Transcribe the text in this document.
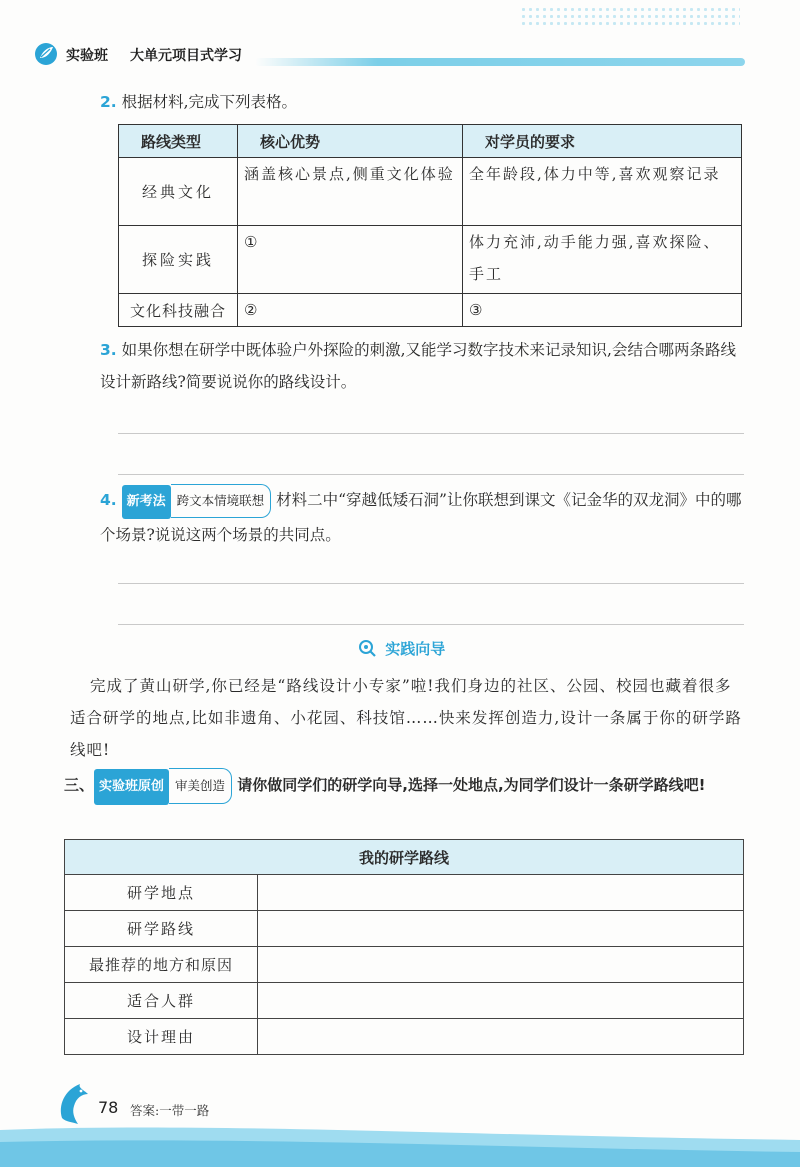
实验班 大单元项目式学习
2. 根据材料,完成下列表格。
路线类型	核心优势	对学员的要求
经典文化	涵盖核心景点,侧重文化体验	全年龄段,体力中等,喜欢观察记录
探险实践	①	体力充沛,动手能力强,喜欢探险、手工
文化科技融合	②	③
3. 如果你想在研学中既体验户外探险的刺激,又能学习数字技术来记录知识,会结合哪两条路线设计新路线?简要说说你的路线设计。
4. 新考法 跨文本情境联想 材料二中“穿越低矮石洞”让你联想到课文《记金华的双龙洞》中的哪个场景?说说这两个场景的共同点。
实践向导
完成了黄山研学,你已经是“路线设计小专家”啦!我们身边的社区、公园、校园也藏着很多适合研学的地点,比如非遗角、小花园、科技馆……快来发挥创造力,设计一条属于你的研学路线吧!
三、 实验班原创 审美创造 请你做同学们的研学向导,选择一处地点,为同学们设计一条研学路线吧!
我的研学路线	
研学地点	
研学路线	
最推荐的地方和原因	
适合人群	
设计理由	
78 答案:一带一路
